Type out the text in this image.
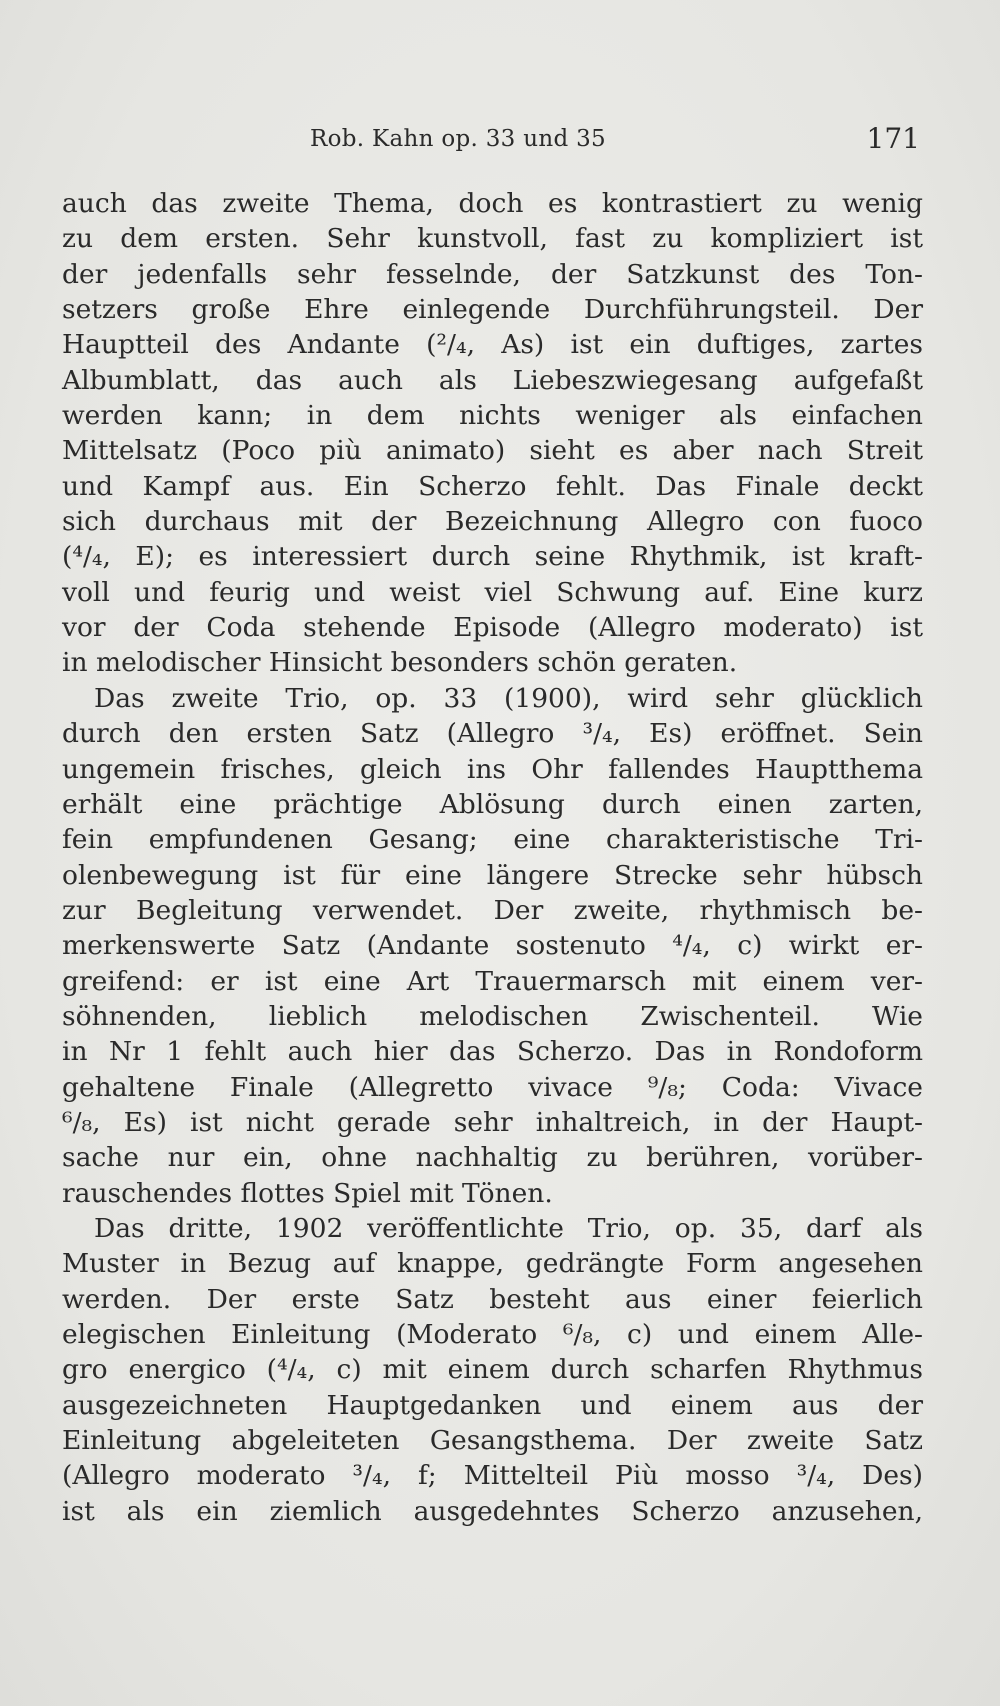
Rob. Kahn op. 33 und 35	171
auch das zweite Thema, doch es kontrastiert zu wenig
zu dem ersten. Sehr kunstvoll, fast zu kompliziert ist
der jedenfalls sehr fesselnde, der Satzkunst des Ton-
setzers große Ehre einlegende Durchführungsteil. Der
Hauptteil des Andante (²/₄, As) ist ein duftiges, zartes
Albumblatt, das auch als Liebeszwiegesang aufgefaßt
werden kann; in dem nichts weniger als einfachen
Mittelsatz (Poco più animato) sieht es aber nach Streit
und Kampf aus. Ein Scherzo fehlt. Das Finale deckt
sich durchaus mit der Bezeichnung Allegro con fuoco
(⁴/₄, E); es interessiert durch seine Rhythmik, ist kraft-
voll und feurig und weist viel Schwung auf. Eine kurz
vor der Coda stehende Episode (Allegro moderato) ist
in melodischer Hinsicht besonders schön geraten.
Das zweite Trio, op. 33 (1900), wird sehr glücklich
durch den ersten Satz (Allegro ³/₄, Es) eröffnet. Sein
ungemein frisches, gleich ins Ohr fallendes Hauptthema
erhält eine prächtige Ablösung durch einen zarten,
fein empfundenen Gesang; eine charakteristische Tri-
olenbewegung ist für eine längere Strecke sehr hübsch
zur Begleitung verwendet. Der zweite, rhythmisch be-
merkenswerte Satz (Andante sostenuto ⁴/₄, c) wirkt er-
greifend: er ist eine Art Trauermarsch mit einem ver-
söhnenden, lieblich melodischen Zwischenteil. Wie
in Nr 1 fehlt auch hier das Scherzo. Das in Rondoform
gehaltene Finale (Allegretto vivace ⁹/₈; Coda: Vivace
⁶/₈, Es) ist nicht gerade sehr inhaltreich, in der Haupt-
sache nur ein, ohne nachhaltig zu berühren, vorüber-
rauschendes flottes Spiel mit Tönen.
Das dritte, 1902 veröffentlichte Trio, op. 35, darf als
Muster in Bezug auf knappe, gedrängte Form angesehen
werden. Der erste Satz besteht aus einer feierlich
elegischen Einleitung (Moderato ⁶/₈, c) und einem Alle-
gro energico (⁴/₄, c) mit einem durch scharfen Rhythmus
ausgezeichneten Hauptgedanken und einem aus der
Einleitung abgeleiteten Gesangsthema. Der zweite Satz
(Allegro moderato ³/₄, f; Mittelteil Più mosso ³/₄, Des)
ist als ein ziemlich ausgedehntes Scherzo anzusehen,
